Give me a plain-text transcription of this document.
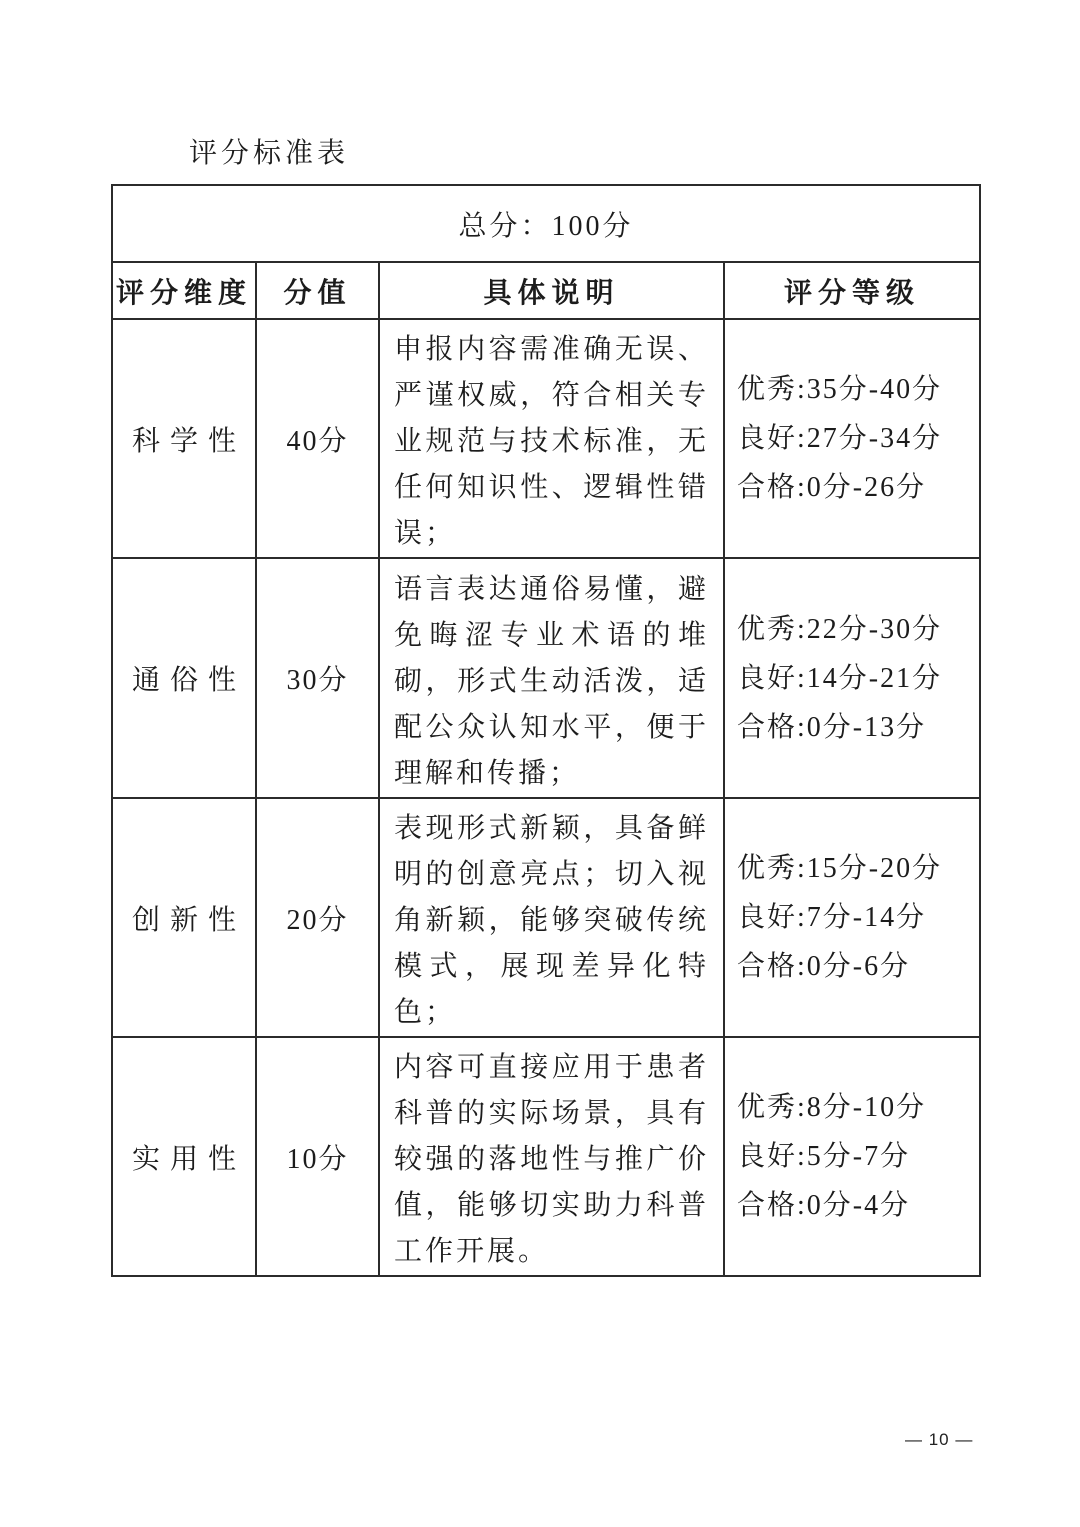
评分标准表
总分：100分			
评分维度	分值	具体说明	评分等级
科学性	40分	申报内容需准确无误、严谨权威，符合相关专业规范与技术标准，无任何知识性、逻辑性错误；	优秀:35分-40分
良好:27分-34分
合格:0分-26分

通俗性	30分	语言表达通俗易懂，避免晦涩专业术语的堆砌，形式生动活泼，适配公众认知水平，便于理解和传播；	优秀:22分-30分
良好:14分-21分
合格:0分-13分

创新性	20分	表现形式新颖，具备鲜明的创意亮点；切入视角新颖，能够突破传统模式，展现差异化特色；	优秀:15分-20分
良好:7分-14分
合格:0分-6分

实用性	10分	内容可直接应用于患者科普的实际场景，具有较强的落地性与推广价值，能够切实助力科普工作开展。	优秀:8分-10分
良好:5分-7分
合格:0分-4分
— 10 —
